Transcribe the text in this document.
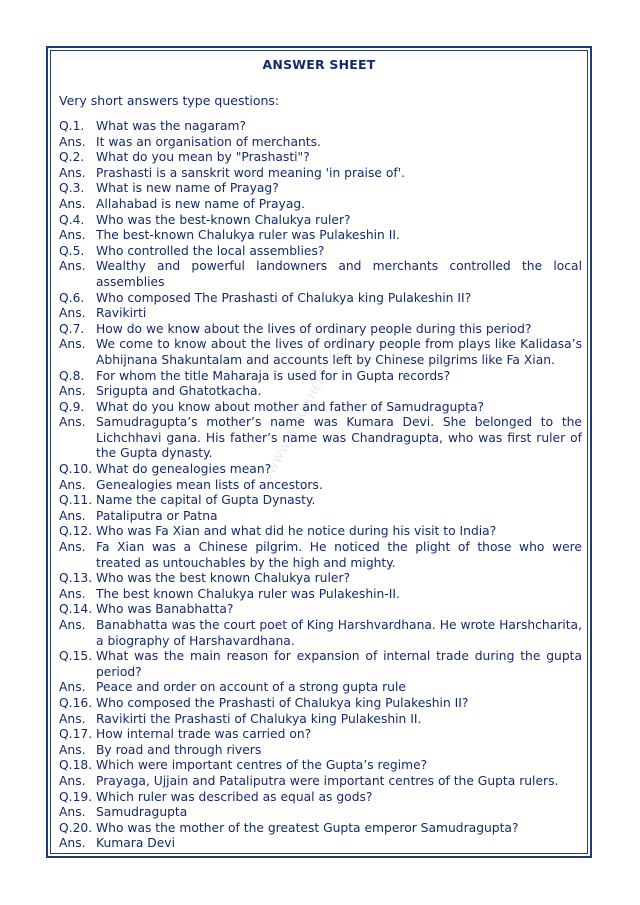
ANSWER SHEET
Very short answers type questions:
WWW.WORKSHEETS.COM
Q.1. What was the nagaram?
Ans. It was an organisation of merchants.
Q.2. What do you mean by "Prashasti"?
Ans. Prashasti is a sanskrit word meaning 'in praise of'.
Q.3. What is new name of Prayag?
Ans. Allahabad is new name of Prayag.
Q.4. Who was the best-known Chalukya ruler?
Ans. The best-known Chalukya ruler was Pulakeshin II.
Q.5. Who controlled the local assemblies?
Ans. Wealthy and powerful landowners and merchants controlled the local assemblies
Q.6. Who composed The Prashasti of Chalukya king Pulakeshin II?
Ans. Ravikirti
Q.7. How do we know about the lives of ordinary people during this period?
Ans. We come to know about the lives of ordinary people from plays like Kalidasa’s Abhijnana Shakuntalam and accounts left by Chinese pilgrims like Fa Xian.
Q.8. For whom the title Maharaja is used for in Gupta records?
Ans. Srigupta and Ghatotkacha.
Q.9. What do you know about mother and father of Samudragupta?
Ans. Samudragupta’s mother’s name was Kumara Devi. She belonged to the Lichchhavi gana. His father’s name was Chandragupta, who was first ruler of the Gupta dynasty.
Q.10. What do genealogies mean?
Ans. Genealogies mean lists of ancestors.
Q.11. Name the capital of Gupta Dynasty.
Ans. Pataliputra or Patna
Q.12. Who was Fa Xian and what did he notice during his visit to India?
Ans. Fa Xian was a Chinese pilgrim. He noticed the plight of those who were treated as untouchables by the high and mighty.
Q.13. Who was the best known Chalukya ruler?
Ans. The best known Chalukya ruler was Pulakeshin-II.
Q.14. Who was Banabhatta?
Ans. Banabhatta was the court poet of King Harshvardhana. He wrote Harshcharita, a biography of Harshavardhana.
Q.15. What was the main reason for expansion of internal trade during the gupta period?
Ans. Peace and order on account of a strong gupta rule
Q.16. Who composed the Prashasti of Chalukya king Pulakeshin II?
Ans. Ravikirti the Prashasti of Chalukya king Pulakeshin II.
Q.17. How internal trade was carried on?
Ans. By road and through rivers
Q.18. Which were important centres of the Gupta’s regime?
Ans. Prayaga, Ujjain and Pataliputra were important centres of the Gupta rulers.
Q.19. Which ruler was described as equal as gods?
Ans. Samudragupta
Q.20. Who was the mother of the greatest Gupta emperor Samudragupta?
Ans. Kumara Devi
